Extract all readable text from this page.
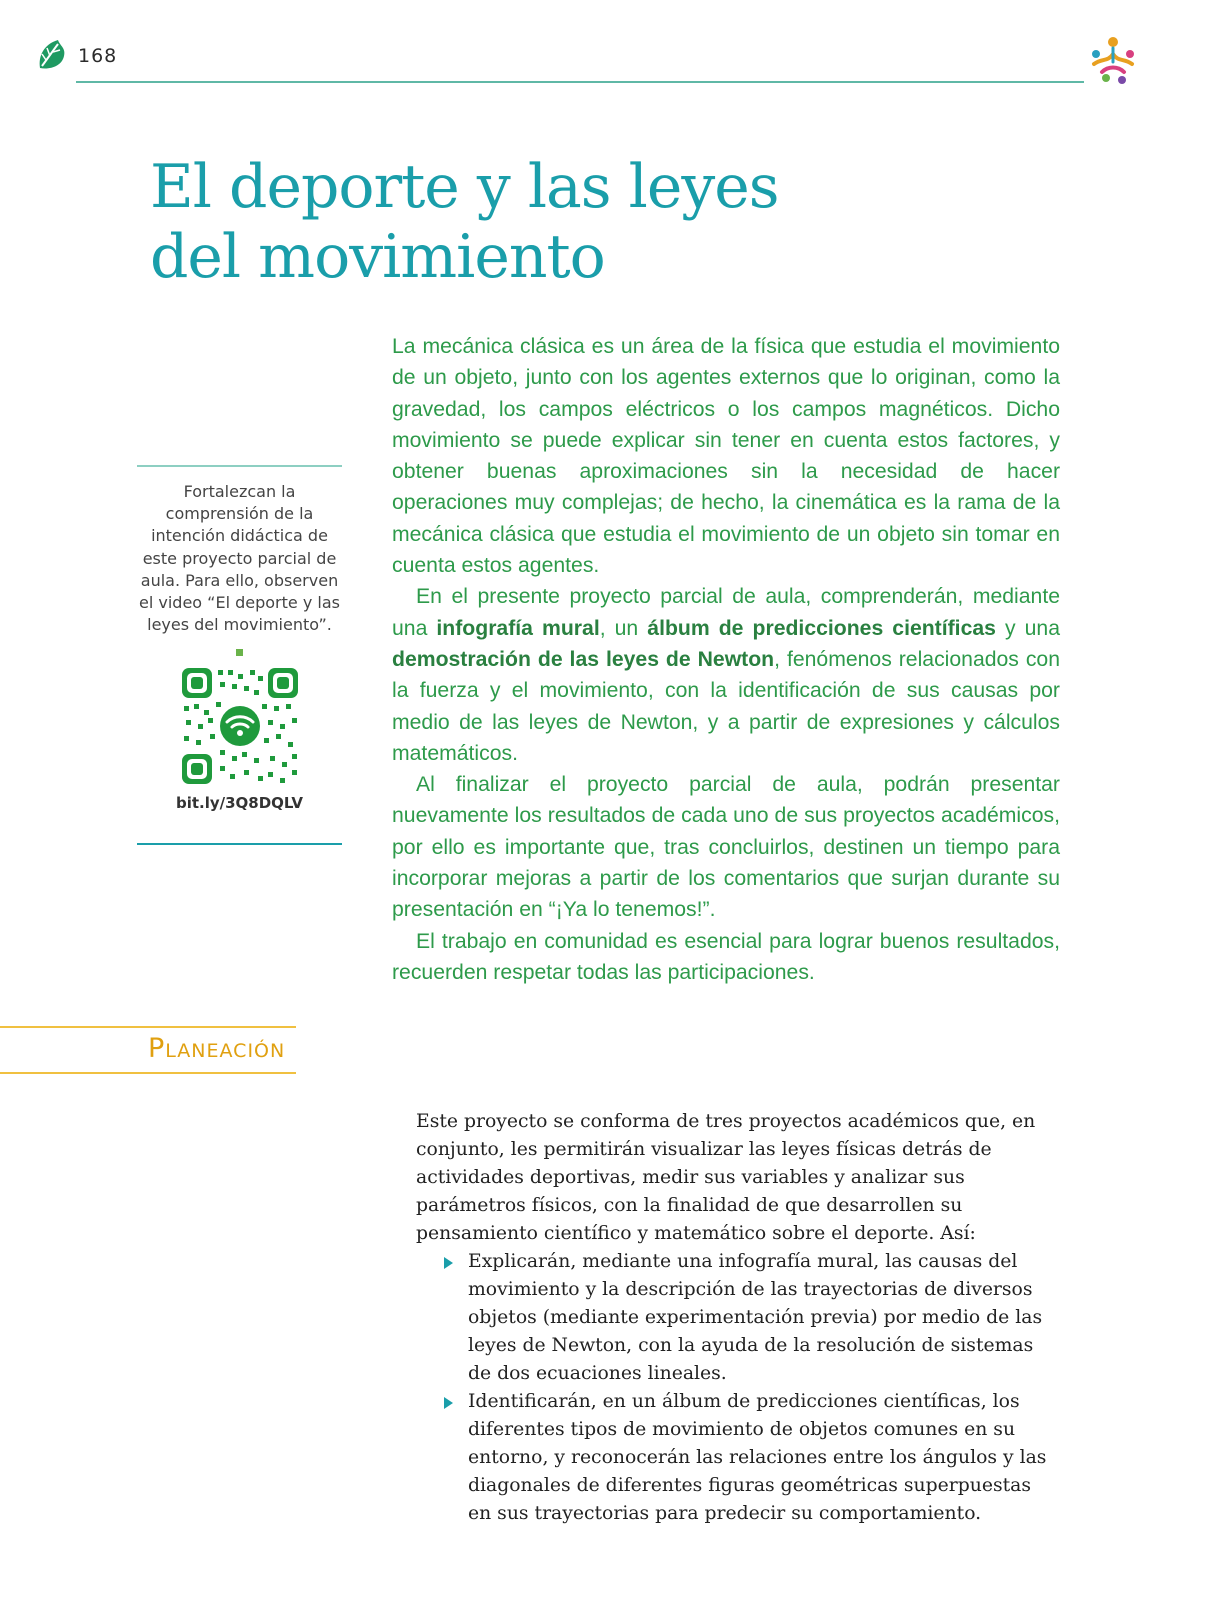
168
El deporte y las leyes
del movimiento

La mecánica clásica es un área de la física que estudia el movimiento de un objeto, junto con los agentes externos que lo originan, como la gravedad, los campos eléctricos o los campos magnéticos. Dicho movimiento se puede explicar sin tener en cuenta estos factores, y obtener buenas aproximaciones sin la necesidad de hacer operaciones muy complejas; de hecho, la cinemática es la rama de la mecánica clásica que estudia el movimiento de un objeto sin tomar en cuenta estos agentes.

En el presente proyecto parcial de aula, comprenderán, mediante una infografía mural, un álbum de predicciones científicas y una demostración de las leyes de Newton, fenómenos relacionados con la fuerza y el movimiento, con la identificación de sus causas por medio de las leyes de Newton, y a partir de expresiones y cálculos matemáticos.

Al finalizar el proyecto parcial de aula, podrán presentar nuevamente los resultados de cada uno de sus proyectos académicos, por ello es importante que, tras concluirlos, destinen un tiempo para incorporar mejoras a partir de los comentarios que surjan durante su presentación en “¡Ya lo tenemos!”.

El trabajo en comunidad es esencial para lograr buenos resultados, recuerden respetar todas las participaciones.

Fortalezcan la comprensión de la intención didáctica de este proyecto parcial de aula. Para ello, observen el video “El deporte y las leyes del movimiento”.
bit.ly/3Q8DQLV
Planeación

Este proyecto se conforma de tres proyectos académicos que, en conjunto, les permitirán visualizar las leyes físicas detrás de actividades deportivas, medir sus variables y analizar sus parámetros físicos, con la finalidad de que desarrollen su pensamiento científico y matemático sobre el deporte. Así:

Explicarán, mediante una infografía mural, las causas del movimiento y la descripción de las trayectorias de diversos objetos (mediante experimentación previa) por medio de las leyes de Newton, con la ayuda de la resolución de sistemas de dos ecuaciones lineales.
Identificarán, en un álbum de predicciones científicas, los diferentes tipos de movimiento de objetos comunes en su entorno, y reconocerán las relaciones entre los ángulos y las diagonales de diferentes figuras geométricas superpuestas en sus trayectorias para predecir su comportamiento.
